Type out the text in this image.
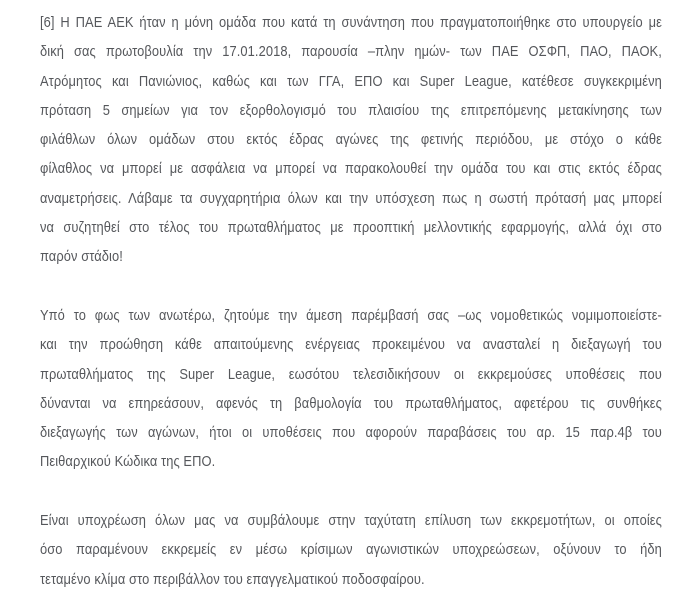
[6] Η ΠΑΕ ΑΕΚ ήταν η μόνη ομάδα που κατά τη συνάντηση που πραγματοποιήθηκε στο υπουργείο με
δική σας πρωτοβουλία την 17.01.2018, παρουσία –πλην ημών- των ΠΑΕ ΟΣΦΠ, ΠΑΟ, ΠΑΟΚ,
Ατρόμητος και Πανιώνιος, καθώς και των ΓΓΑ, ΕΠΟ και Super League, κατέθεσε συγκεκριμένη
πρόταση 5 σημείων για τον εξορθολογισμό του πλαισίου της επιτρεπόμενης μετακίνησης των
φιλάθλων όλων ομάδων στου εκτός έδρας αγώνες της φετινής περιόδου, με στόχο ο κάθε
φίλαθλος να μπορεί με ασφάλεια να μπορεί να παρακολουθεί την ομάδα του και στις εκτός έδρας
αναμετρήσεις. Λάβαμε τα συγχαρητήρια όλων και την υπόσχεση πως η σωστή πρότασή μας μπορεί
να συζητηθεί στο τέλος του πρωταθλήματος με προοπτική μελλοντικής εφαρμογής, αλλά όχι στο
παρόν στάδιο!
Υπό το φως των ανωτέρω, ζητούμε την άμεση παρέμβασή σας –ως νομοθετικώς νομιμοποιείστε-
και την προώθηση κάθε απαιτούμενης ενέργειας προκειμένου να ανασταλεί η διεξαγωγή του
πρωταθλήματος της Super League, εωσότου τελεσιδικήσουν οι εκκρεμούσες υποθέσεις που
δύνανται να επηρεάσουν, αφενός τη βαθμολογία του πρωταθλήματος, αφετέρου τις συνθήκες
διεξαγωγής των αγώνων, ήτοι οι υποθέσεις που αφορούν παραβάσεις του αρ. 15 παρ.4β του
Πειθαρχικού Κώδικα της ΕΠΟ.
Είναι υποχρέωση όλων μας να συμβάλουμε στην ταχύτατη επίλυση των εκκρεμοτήτων, οι οποίες
όσο παραμένουν εκκρεμείς εν μέσω κρίσιμων αγωνιστικών υποχρεώσεων, οξύνουν το ήδη
τεταμένο κλίμα στο περιβάλλον του επαγγελματικού ποδοσφαίρου.
